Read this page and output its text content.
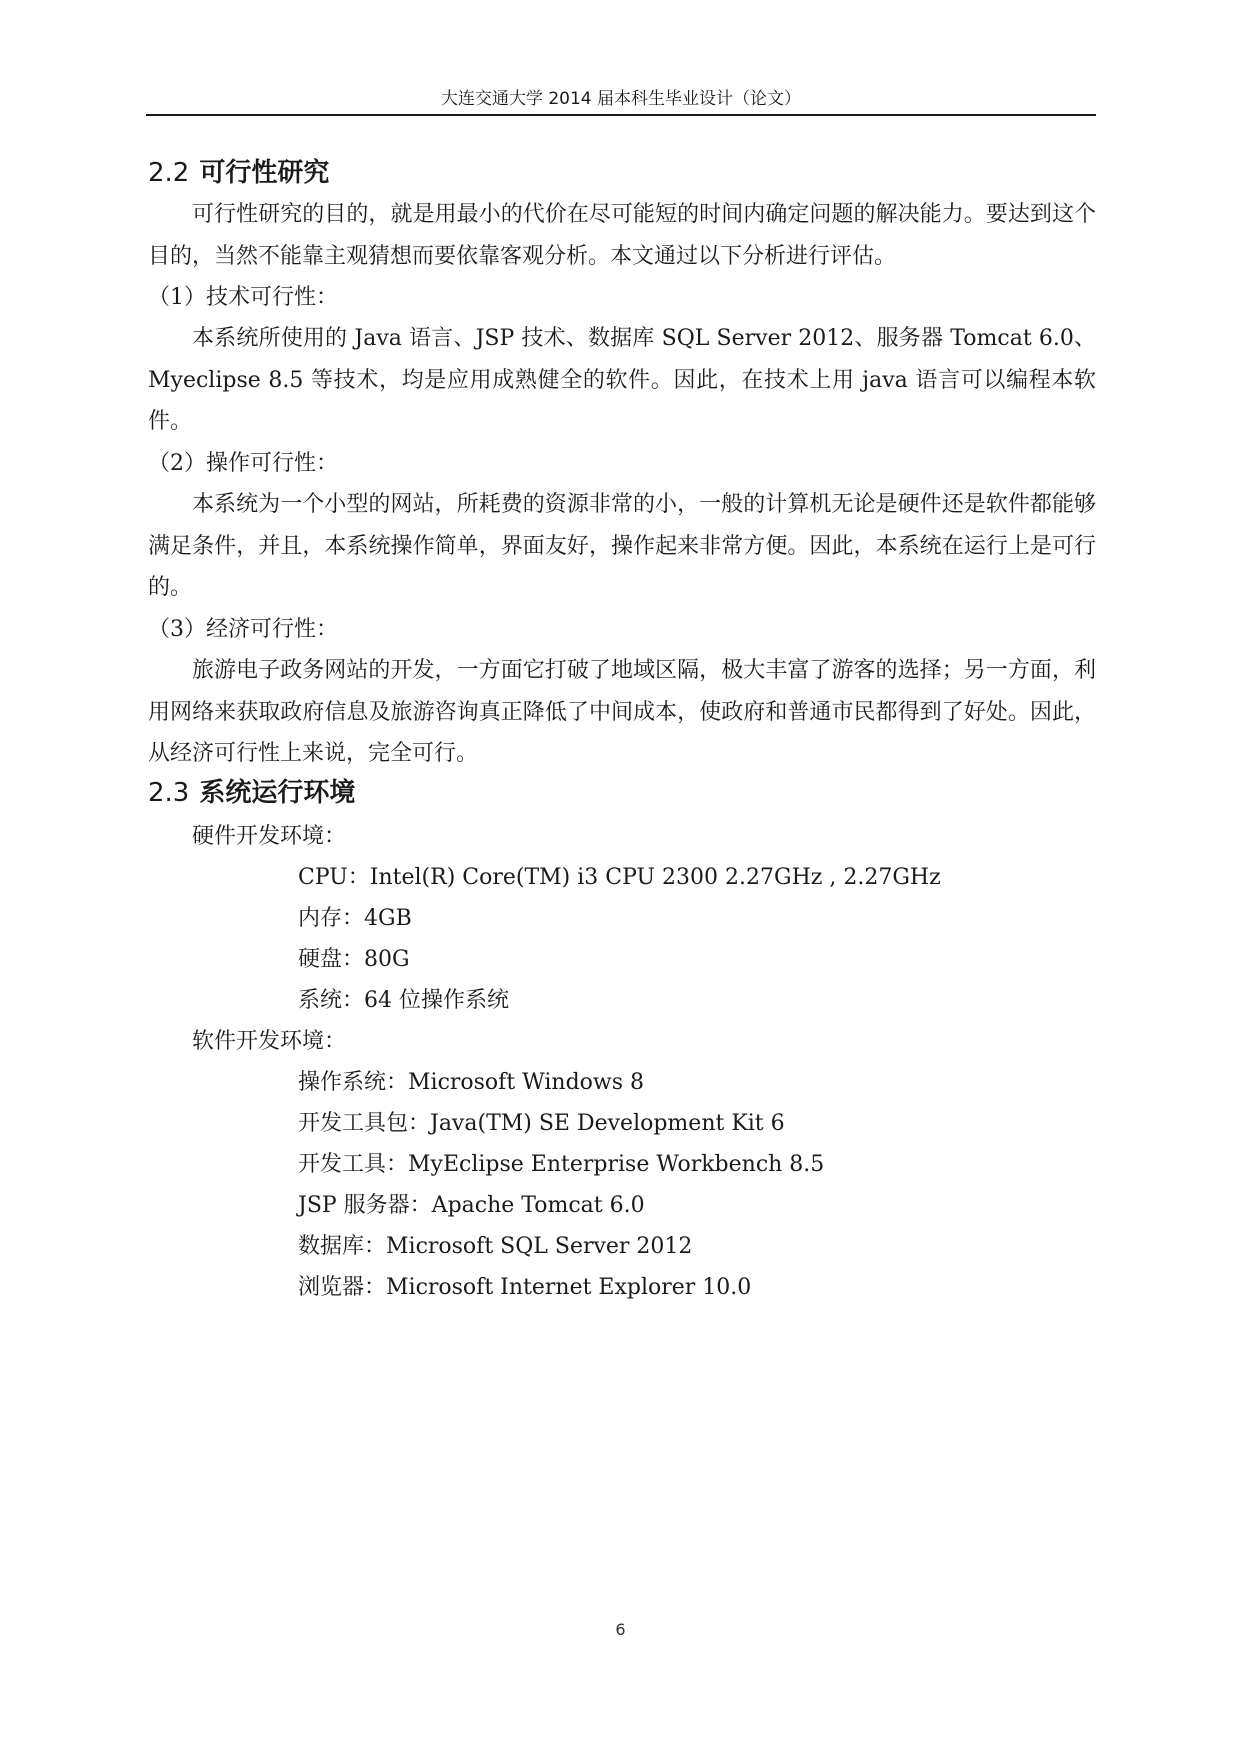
大连交通大学 2014 届本科生毕业设计（论文）
2.2 可行性研究

可行性研究的目的，就是用最小的代价在尽可能短的时间内确定问题的解决能力。要达到这个目的，当然不能靠主观猜想而要依靠客观分析。本文通过以下分析进行评估。

（1）技术可行性：

本系统所使用的 Java 语言、JSP 技术、数据库 SQL Server 2012、服务器 Tomcat 6.0、Myeclipse 8.5 等技术，均是应用成熟健全的软件。因此，在技术上用 java 语言可以编程本软件。

（2）操作可行性：

本系统为一个小型的网站，所耗费的资源非常的小，一般的计算机无论是硬件还是软件都能够满足条件，并且，本系统操作简单，界面友好，操作起来非常方便。因此，本系统在运行上是可行的。

（3）经济可行性：

旅游电子政务网站的开发，一方面它打破了地域区隔，极大丰富了游客的选择；另一方面，利用网络来获取政府信息及旅游咨询真正降低了中间成本，使政府和普通市民都得到了好处。因此，从经济可行性上来说，完全可行。

2.3 系统运行环境
硬件开发环境：
CPU：Intel(R) Core(TM) i3 CPU 2300 2.27GHz , 2.27GHz
内存：4GB
硬盘：80G
系统：64 位操作系统
软件开发环境：
操作系统：Microsoft Windows 8
开发工具包：Java(TM) SE Development Kit 6
开发工具：MyEclipse Enterprise Workbench 8.5
JSP 服务器：Apache Tomcat 6.0
数据库：Microsoft SQL Server 2012
浏览器：Microsoft Internet Explorer 10.0
6
